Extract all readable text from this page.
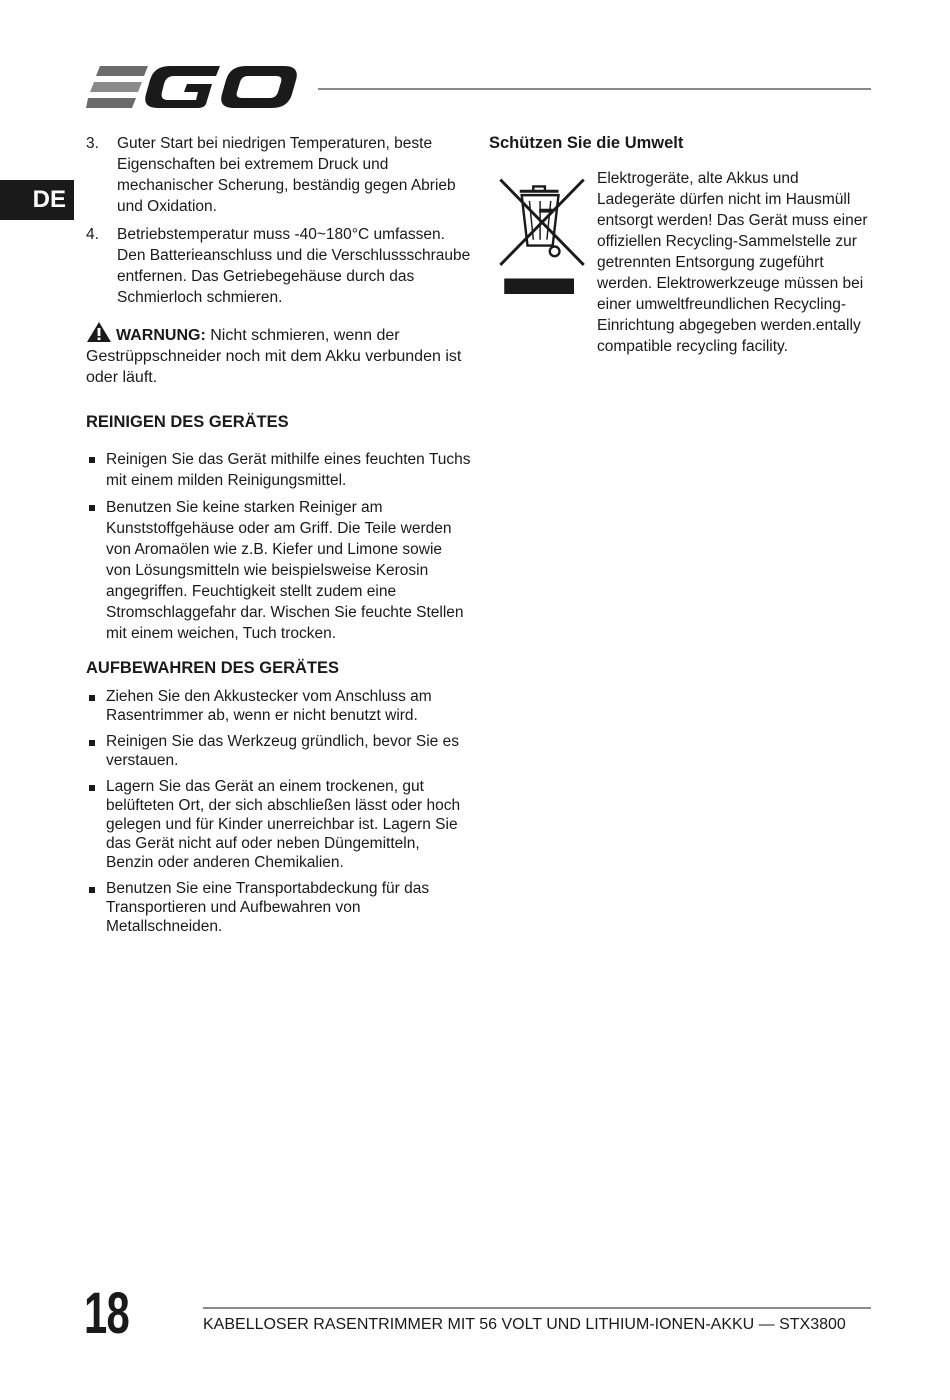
DE
3.	Guter Start bei niedrigen Temperaturen, beste Eigenschaften bei extremem Druck und mechanischer Scherung, beständig gegen Abrieb und Oxidation.
4.	Betriebstemperatur muss -40~180°C umfassen. Den Batterieanschluss und die Verschlussschraube entfernen. Das Getriebegehäuse durch das Schmierloch schmieren.
WARNUNG: Nicht schmieren, wenn der Gestrüppschneider noch mit dem Akku verbunden ist oder läuft.
REINIGEN DES GERÄTES
Reinigen Sie das Gerät mithilfe eines feuchten Tuchs mit einem milden Reinigungsmittel.
Benutzen Sie keine starken Reiniger am Kunststoffgehäuse oder am Griff. Die Teile werden von Aromaölen wie z.B. Kiefer und Limone sowie von Lösungsmitteln wie beispielsweise Kerosin angegriffen. Feuchtigkeit stellt zudem eine Stromschlaggefahr dar. Wischen Sie feuchte Stellen mit einem weichen, Tuch trocken.
AUFBEWAHREN DES GERÄTES
Ziehen Sie den Akkustecker vom Anschluss am Rasentrimmer ab, wenn er nicht benutzt wird.
Reinigen Sie das Werkzeug gründlich, bevor Sie es verstauen.
Lagern Sie das Gerät an einem trockenen, gut belüfteten Ort, der sich abschließen lässt oder hoch gelegen und für Kinder unerreichbar ist. Lagern Sie das Gerät nicht auf oder neben Düngemitteln, Benzin oder anderen Chemikalien.
Benutzen Sie eine Transportabdeckung für das Transportieren und Aufbewahren von Metallschneiden.
Schützen Sie die Umwelt
Elektrogeräte, alte Akkus und Ladegeräte dürfen nicht im Hausmüll entsorgt werden! Das Gerät muss einer offiziellen Recycling-Sammelstelle zur getrennten Entsorgung zugeführt werden. Elektrowerkzeuge müssen bei einer umweltfreundlichen Recycling-Einrichtung abgegeben werden.entally compatible recycling facility.
18	KABELLOSER RASENTRIMMER MIT 56 VOLT UND LITHIUM-IONEN-AKKU — STX3800
